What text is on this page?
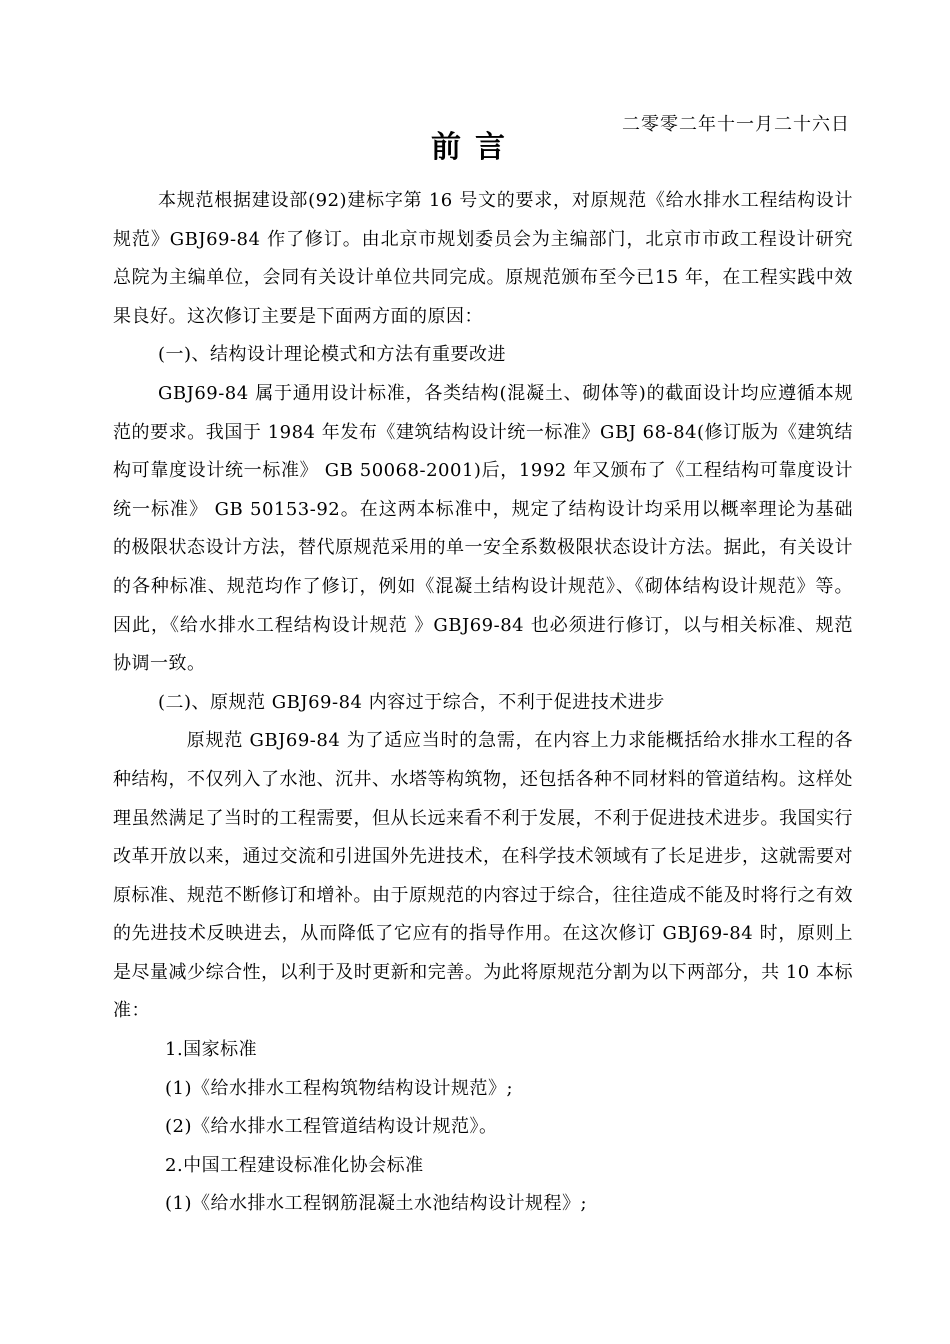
二零零二年十一月二十六日
前言

本规范根据建设部(92)建标字第 16 号文的要求，对原规范《给水排水工程结构设计规范》GBJ69-84 作了修订。由北京市规划委员会为主编部门，北京市市政工程设计研究总院为主编单位，会同有关设计单位共同完成。原规范颁布至今已15 年，在工程实践中效果良好。这次修订主要是下面两方面的原因：

(一)、结构设计理论模式和方法有重要改进

GBJ69-84 属于通用设计标准，各类结构(混凝土、砌体等)的截面设计均应遵循本规范的要求。我国于 1984 年发布《建筑结构设计统一标准》GBJ 68-84(修订版为《建筑结构可靠度设计统一标准》 GB 50068-2001)后，1992 年又颁布了《工程结构可靠度设计统一标准》 GB 50153-92。在这两本标准中，规定了结构设计均采用以概率理论为基础的极限状态设计方法，替代原规范采用的单一安全系数极限状态设计方法。据此，有关设计的各种标准、规范均作了修订，例如《混凝土结构设计规范》、《砌体结构设计规范》等。因此，《给水排水工程结构设计规范 》GBJ69-84 也必须进行修订，以与相关标准、规范协调一致。

(二)、原规范 GBJ69-84 内容过于综合，不利于促进技术进步

原规范 GBJ69-84 为了适应当时的急需，在内容上力求能概括给水排水工程的各种结构，不仅列入了水池、沉井、水塔等构筑物，还包括各种不同材料的管道结构。这样处理虽然满足了当时的工程需要，但从长远来看不利于发展，不利于促进技术进步。我国实行改革开放以来，通过交流和引进国外先进技术，在科学技术领域有了长足进步，这就需要对原标准、规范不断修订和增补。由于原规范的内容过于综合，往往造成不能及时将行之有效的先进技术反映进去，从而降低了它应有的指导作用。在这次修订 GBJ69-84 时，原则上是尽量减少综合性，以利于及时更新和完善。为此将原规范分割为以下两部分，共 10 本标准：

1.国家标准

(1)《给水排水工程构筑物结构设计规范》;

(2)《给水排水工程管道结构设计规范》。

2.中国工程建设标准化协会标准

(1)《给水排水工程钢筋混凝土水池结构设计规程》;
